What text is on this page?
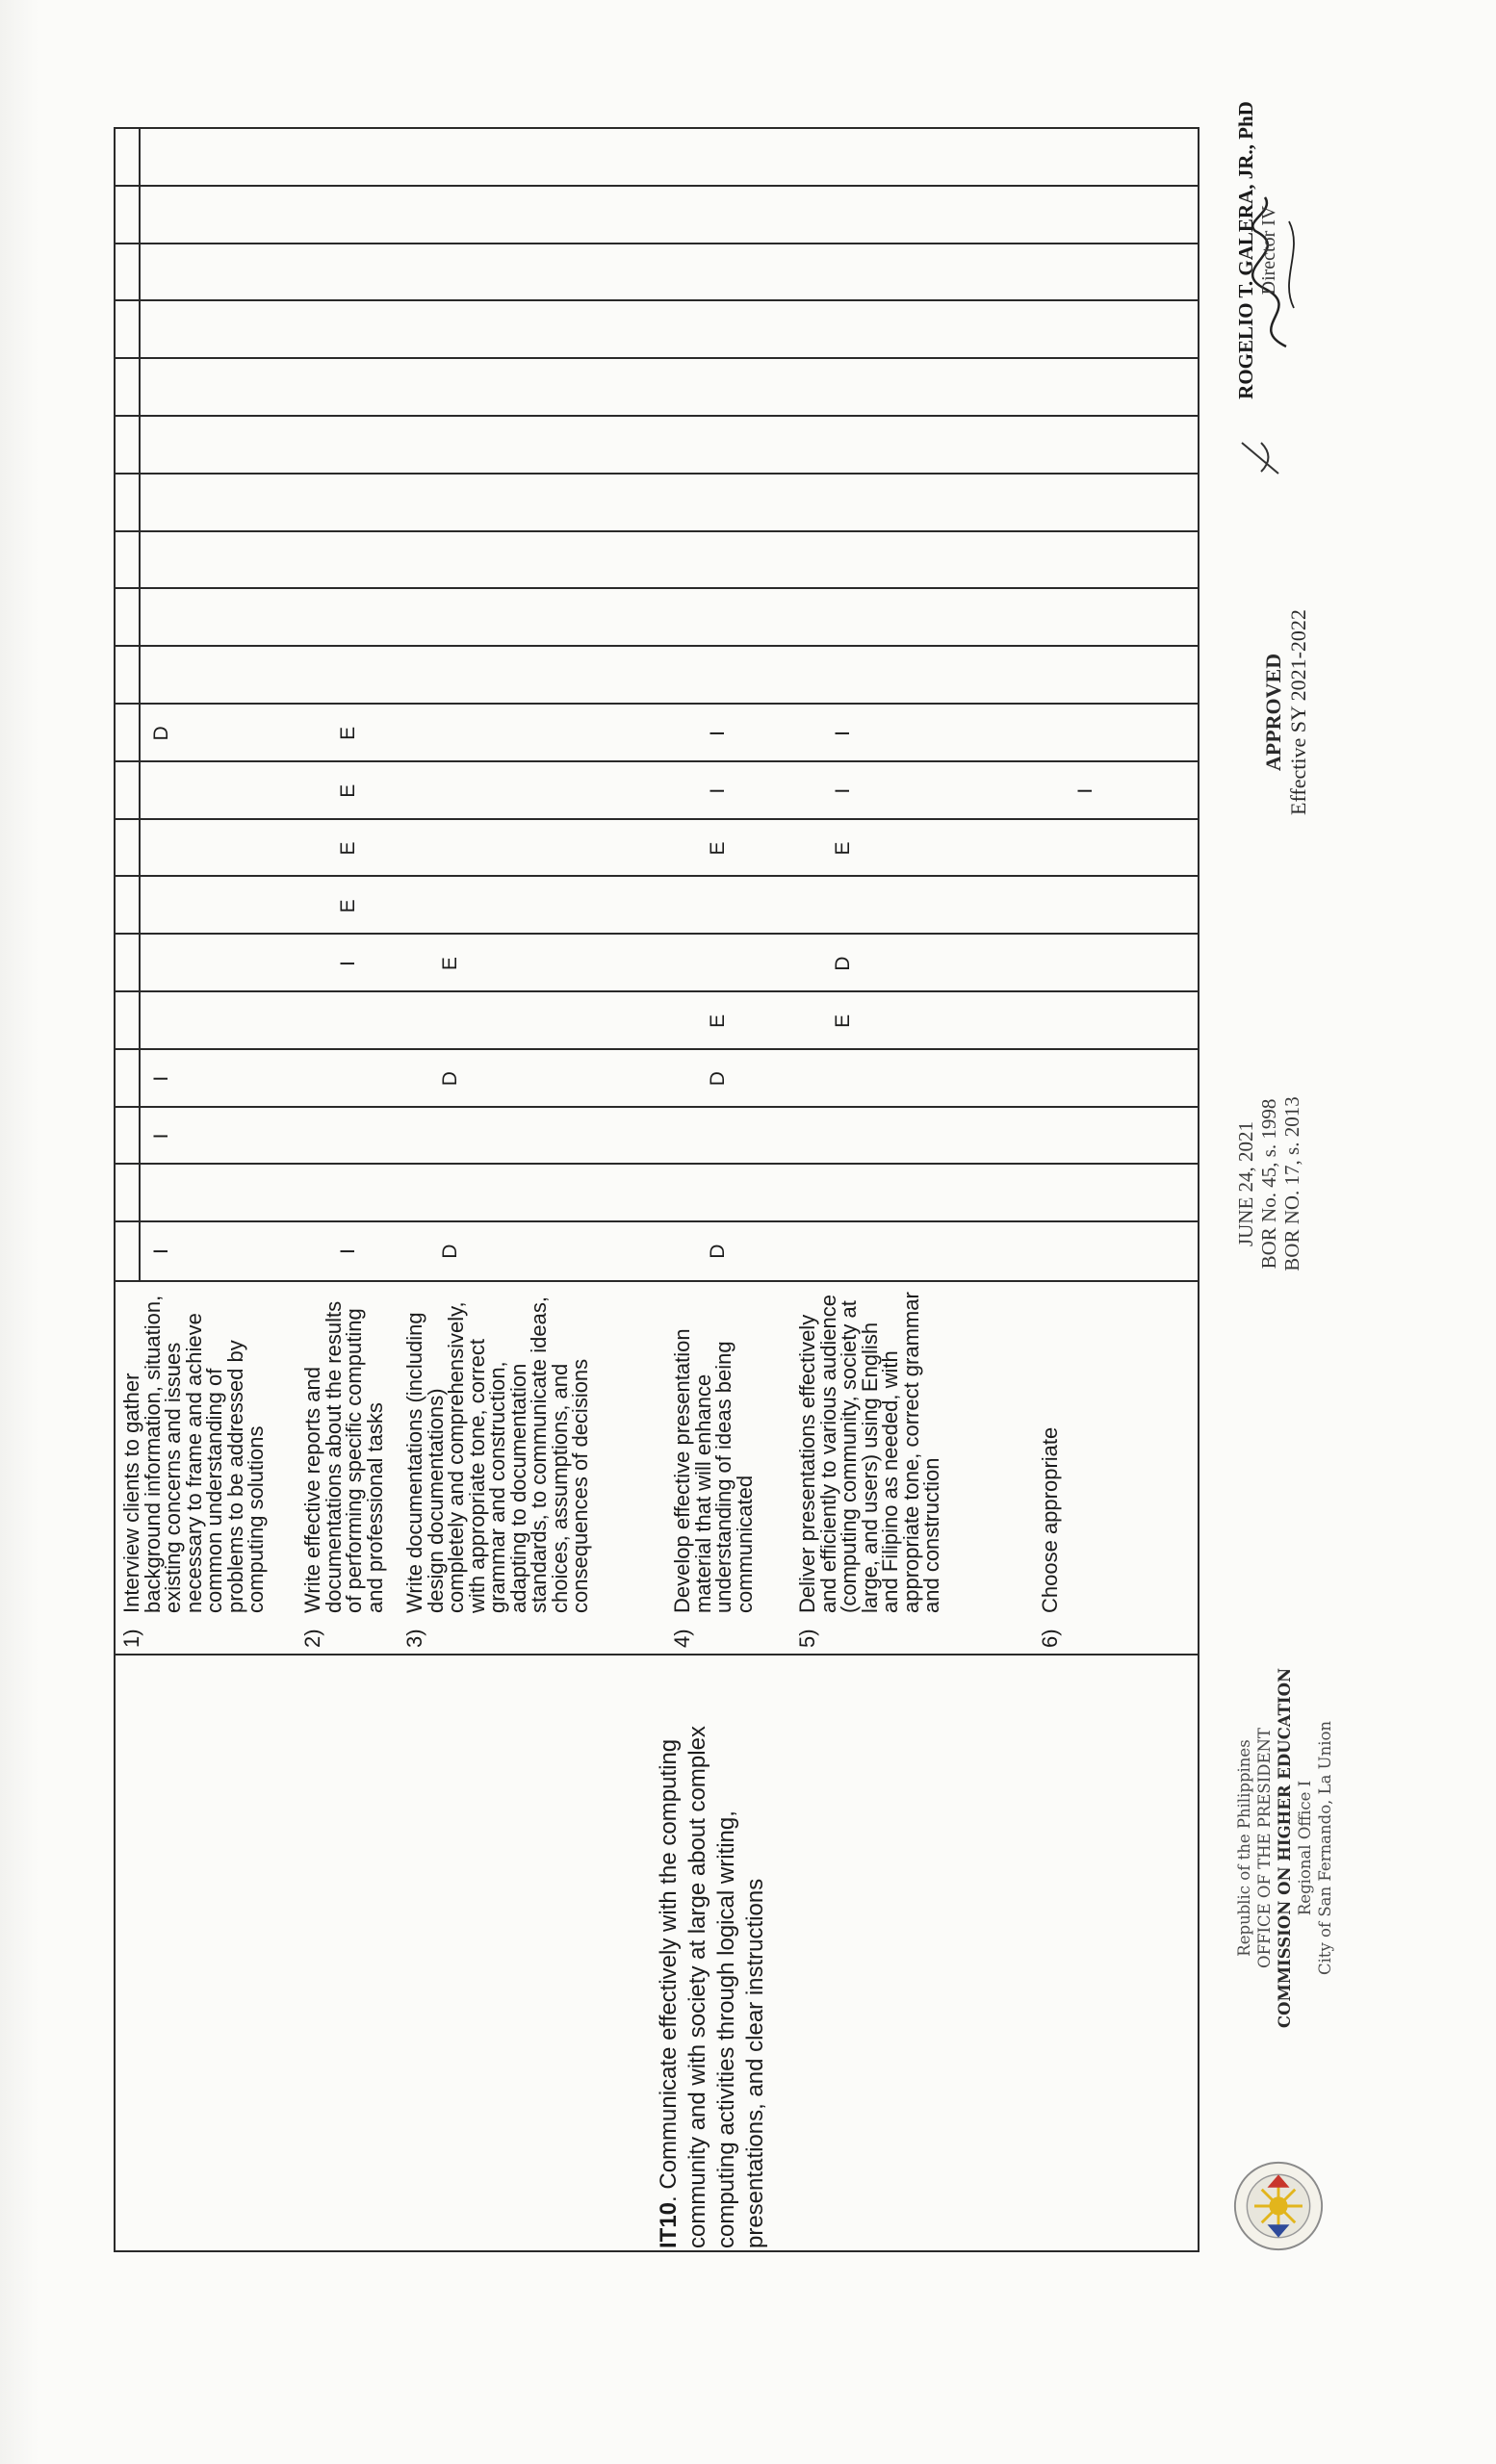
IT10. Communicate effectively with the computing community and with society at large about complex computing activities through logical writing, presentations, and clear instructions
1)
Interview clients to gather background information, situation, existing concerns and issues necessary to frame and achieve common understanding of problems to be addressed by computing solutions
2)
Write effective reports and documentations about the results of performing specific computing and professional tasks
3)
Write documentations (including design documentations) completely and comprehensively, with appropriate tone, correct grammar and construction, adapting to documentation standards, to communicate ideas, choices, assumptions, and consequences of decisions
4)
Develop effective presentation material that will enhance understanding of ideas being communicated
5)
Deliver presentations effectively and efficiently to various audience (computing community, society at large, and users) using English and Filipino as needed, with appropriate tone, correct grammar and construction
6)
Choose appropriate
I
I
I
D
I
I
E
E
E
E
D
D
E
D
D
E
E
I
I
E
D
E
I
I
I
Republic of the Philippines OFFICE OF THE PRESIDENT COMMISSION ON HIGHER EDUCATION Regional Office I City of San Fernando, La Union
JUNE 24, 2021 BOR No. 45, s. 1998 BOR NO. 17, s. 2013
APPROVED Effective SY 2021-2022
ROGELIO T. GALERA, JR., PhD Director IV
